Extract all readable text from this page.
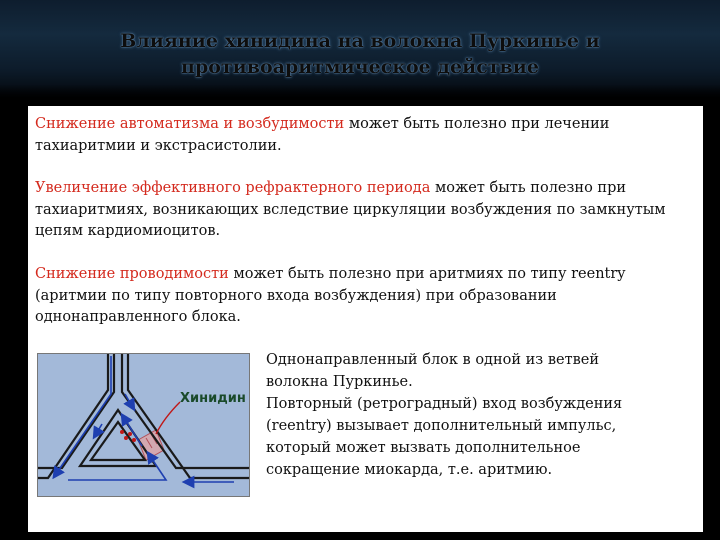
Влияние хинидина на волокна Пуркинье и
противоаритмическое действие

Снижение автоматизма и возбудимости может быть полезно при лечении тахиаритмии и экстрасистолии.

Увеличение эффективного рефрактерного периода может быть полезно при тахиаритмиях, возникающих вследствие циркуляции возбуждения по замкнутым цепям кардиомиоцитов.

Снижение проводимости может быть полезно при аритмиях по типу reentry (аритмии по типу повторного входа возбуждения) при образовании однонаправленного блока.

Хинидин

Однонаправленный блок в одной из ветвей
волокна Пуркинье.
Повторный (ретроградный) вход возбуждения
(reentry) вызывает дополнительный импульс,
который может вызвать дополнительное
сокращение миокарда, т.е. аритмию.
